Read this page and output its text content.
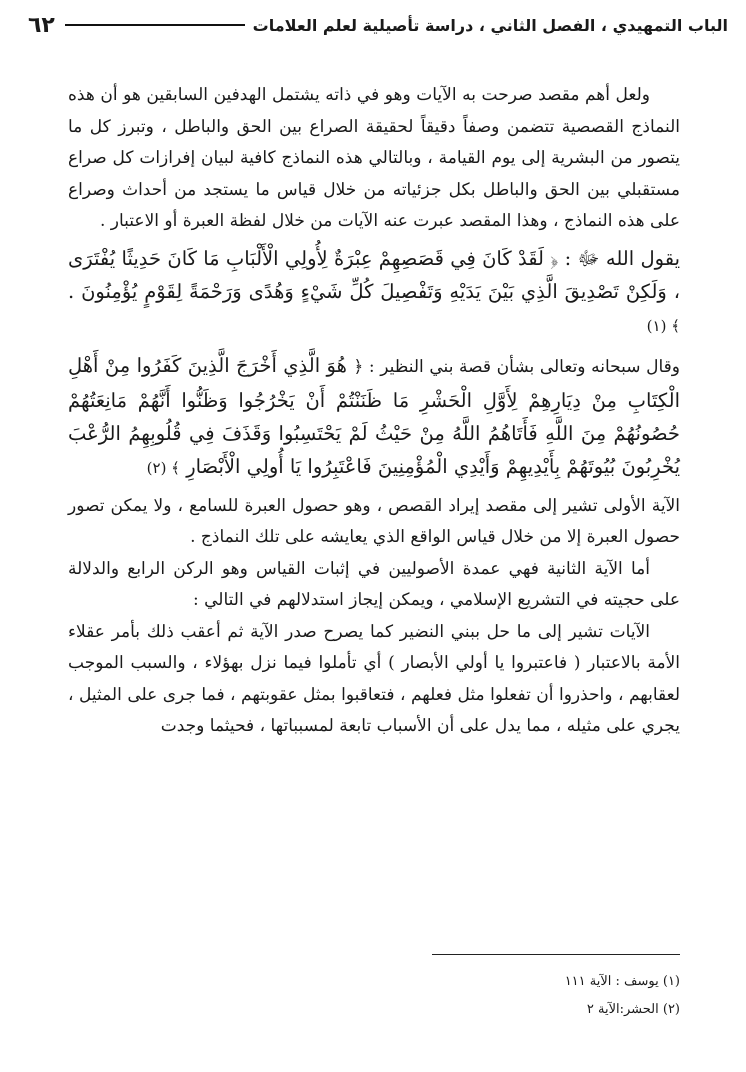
الباب التمهيدي ، الفصل الثاني ، دراسة تأصيلية لعلم العلامات
٦٢

ولعل أهم مقصد صرحت به الآيات وهو في ذاته يشتمل الهدفين السابقين هو أن هذه النماذج القصصية تتضمن وصفاً دقيقاً لحقيقة الصراع بين الحق والباطل ، وتبرز كل ما يتصور من البشرية إلى يوم القيامة ، وبالتالي هذه النماذج كافية لبيان إفرازات كل صراع مستقبلي بين الحق والباطل بكل جزئياته من خلال قياس ما يستجد من أحداث وصراع على هذه النماذج ، وهذا المقصد عبرت عنه الآيات من خلال لفظة العبرة أو الاعتبار .

يقول الله ﷻ : ﴿ لَقَدْ كَانَ فِي قَصَصِهِمْ عِبْرَةٌ لِأُولِي الْأَلْبَابِ مَا كَانَ حَدِيثًا يُفْتَرَى ، وَلَكِنْ تَصْدِيقَ الَّذِي بَيْنَ يَدَيْهِ وَتَفْصِيلَ كُلِّ شَيْءٍ وَهُدًى وَرَحْمَةً لِقَوْمٍ يُؤْمِنُونَ . ﴾ (١)

وقال سبحانه وتعالى بشأن قصة بني النظير : ﴿ هُوَ الَّذِي أَخْرَجَ الَّذِينَ كَفَرُوا مِنْ أَهْلِ الْكِتَابِ مِنْ دِيَارِهِمْ لِأَوَّلِ الْحَشْرِ مَا ظَنَنْتُمْ أَنْ يَخْرُجُوا وَظَنُّوا أَنَّهُمْ مَانِعَتُهُمْ حُصُونُهُمْ مِنَ اللَّهِ فَأَتَاهُمُ اللَّهُ مِنْ حَيْثُ لَمْ يَحْتَسِبُوا وَقَذَفَ فِي قُلُوبِهِمُ الرُّعْبَ يُخْرِبُونَ بُيُوتَهُمْ بِأَيْدِيهِمْ وَأَيْدِي الْمُؤْمِنِينَ فَاعْتَبِرُوا يَا أُولِي الْأَبْصَارِ ﴾ (٢)

الآية الأولى تشير إلى مقصد إيراد القصص ، وهو حصول العبرة للسامع ، ولا يمكن تصور حصول العبرة إلا من خلال قياس الواقع الذي يعايشه على تلك النماذج .

أما الآية الثانية فهي عمدة الأصوليين في إثبات القياس وهو الركن الرابع والدلالة على حجيته في التشريع الإسلامي ، ويمكن إيجاز استدلالهم في التالي :

الآيات تشير إلى ما حل ببني النضير كما يصرح صدر الآية ثم أعقب ذلك بأمر عقلاء الأمة بالاعتبار ( فاعتبروا يا أولي الأبصار ) أي تأملوا فيما نزل بهؤلاء ، والسبب الموجب لعقابهم ، واحذروا أن تفعلوا مثل فعلهم ، فتعاقبوا بمثل عقوبتهم ، فما جرى على المثيل ، يجري على مثيله ، مما يدل على أن الأسباب تابعة لمسبباتها ، فحيثما وجدت

(١) يوسف : الآية ١١١
(٢) الحشر:الآية ٢
